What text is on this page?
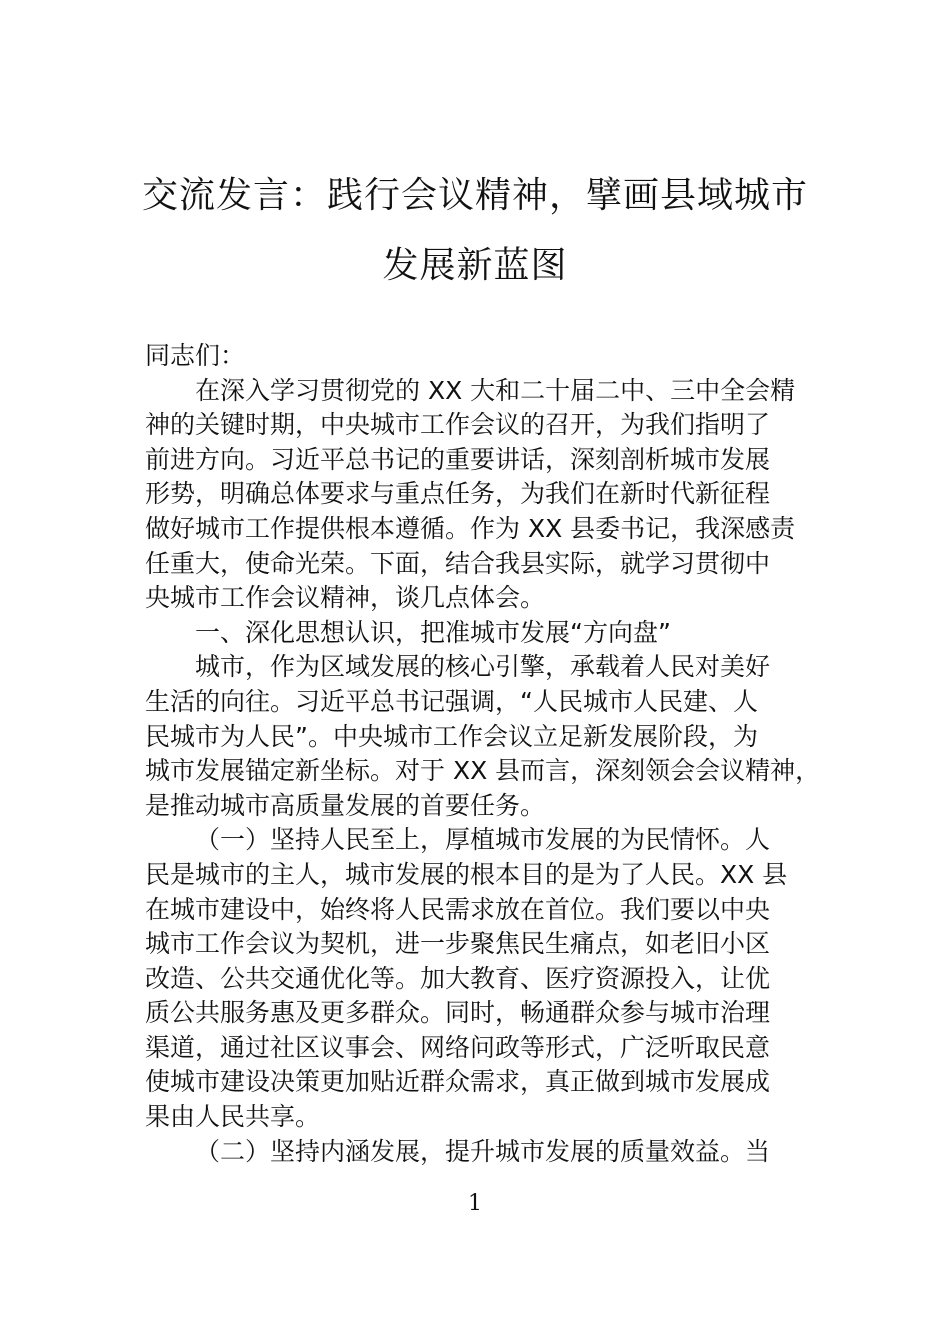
交流发言：践行会议精神，擘画县域城市
发展新蓝图
同志们：
在深入学习贯彻党的 XX 大和二十届二中、三中全会精
神的关键时期，中央城市工作会议的召开，为我们指明了
前进方向。习近平总书记的重要讲话，深刻剖析城市发展
形势，明确总体要求与重点任务，为我们在新时代新征程
做好城市工作提供根本遵循。作为 XX 县委书记，我深感责
任重大，使命光荣。下面，结合我县实际，就学习贯彻中
央城市工作会议精神，谈几点体会。
一、深化思想认识，把准城市发展“方向盘”
城市，作为区域发展的核心引擎，承载着人民对美好
生活的向往。习近平总书记强调，“人民城市人民建、人
民城市为人民”。中央城市工作会议立足新发展阶段，为
城市发展锚定新坐标。对于 XX 县而言，深刻领会会议精神，
是推动城市高质量发展的首要任务。
（一）坚持人民至上，厚植城市发展的为民情怀。人
民是城市的主人，城市发展的根本目的是为了人民。XX 县
在城市建设中，始终将人民需求放在首位。我们要以中央
城市工作会议为契机，进一步聚焦民生痛点，如老旧小区
改造、公共交通优化等。加大教育、医疗资源投入，让优
质公共服务惠及更多群众。同时，畅通群众参与城市治理
渠道，通过社区议事会、网络问政等形式，广泛听取民意
使城市建设决策更加贴近群众需求，真正做到城市发展成
果由人民共享。
（二）坚持内涵发展，提升城市发展的质量效益。当
1
